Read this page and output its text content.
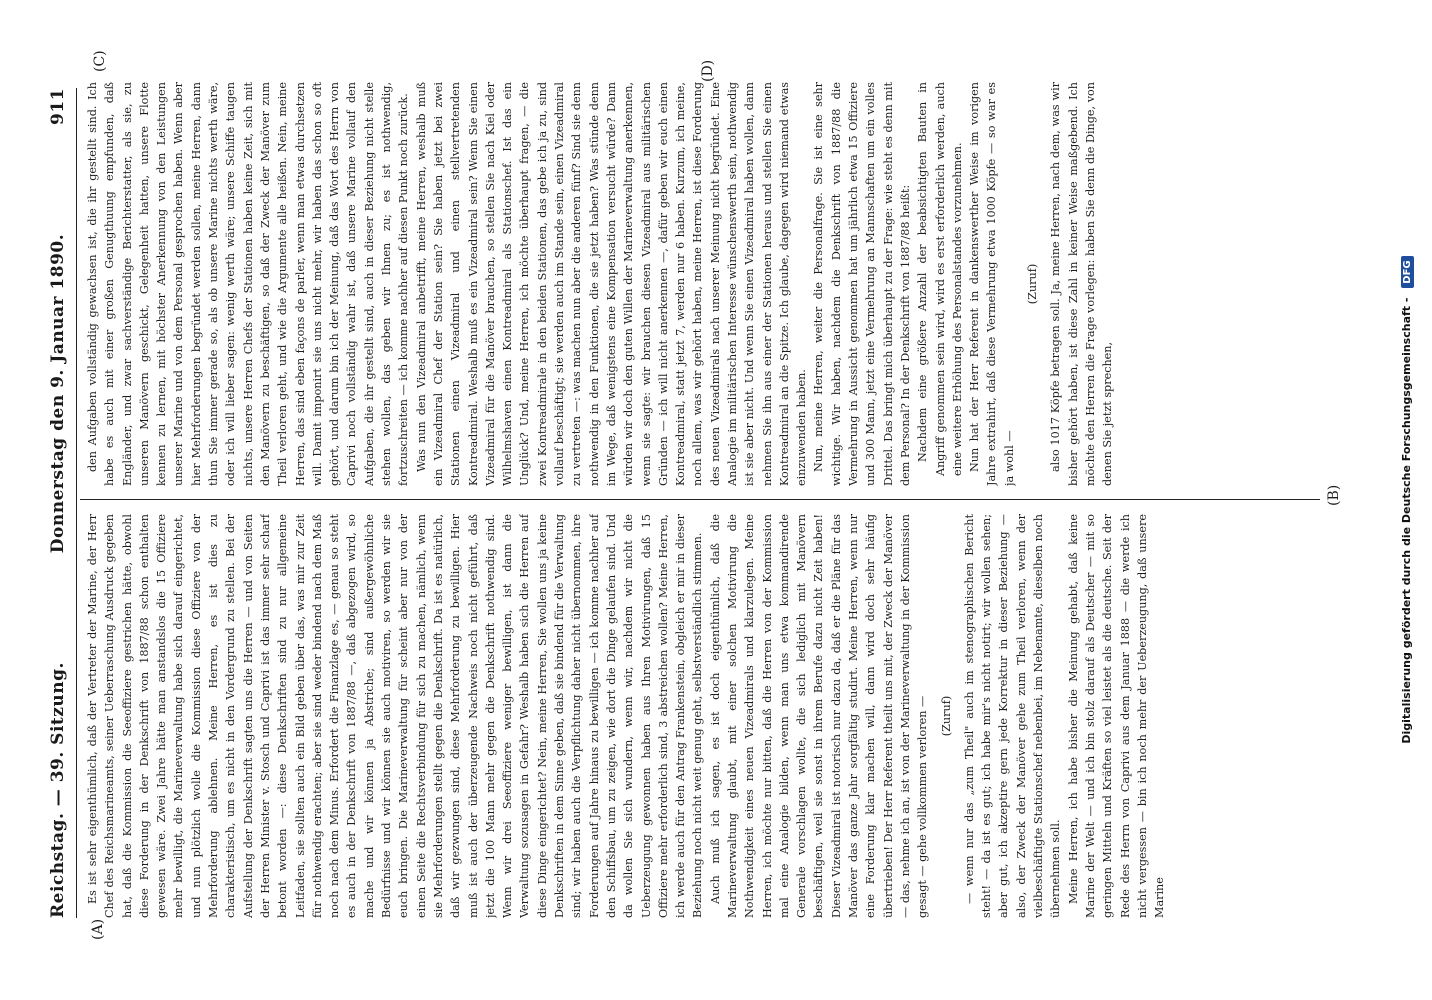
Reichstag. — 39. Sitzung.
Donnerstag den 9. Januar 1890.
911
(A)
(B)
(C)	(D)

Es ist sehr eigenthümlich, daß der Vertreter der Marine, der Herr Chef des Reichsmarineamts, seiner Ueberraschung Ausdruck gegeben hat, daß die Kommission die Seeoffiziere gestrichen hätte, obwohl diese Forderung in der Denkschrift von 1887/88 schon enthalten gewesen wäre. Zwei Jahre hätte man anstandslos die 15 Offiziere mehr bewilligt, die Marineverwaltung habe sich darauf eingerichtet, und nun plötzlich wolle die Kommission diese Offiziere von der Mehrforderung ablehnen. Meine Herren, es ist dies zu charakteristisch, um es nicht in den Vordergrund zu stellen. Bei der Aufstellung der Denkschrift sagten uns die Herren — und von Seiten der Herren Minister v. Stosch und Caprivi ist das immer sehr scharf betont worden —: diese Denkschriften sind zu nur allgemeine Leitfaden, sie sollten auch ein Bild geben über das, was mir zur Zeit für nothwendig erachten; aber sie sind weder bindend nach dem Maß noch nach dem Minus. Erfordert die Finanzlage es, — genau so steht es auch in der Denkschrift von 1887/88 —, daß abgezogen wird, so mache und wir können ja Abstriche; sind außergewöhnliche Bedürfnisse und wir können sie auch motiviren, so werden wir sie euch bringen. Die Marineverwaltung für scheint aber nur von der einen Seite die Rechtsverbindung für sich zu machen, nämlich, wenn sie Mehrforderungen stellt gegen die Denkschrift. Da ist es natürlich, daß wir gezwungen sind, diese Mehrforderung zu bewilligen. Hier muß ist auch der überzeugende Nachweis noch nicht geführt, daß jetzt die 100 Mann mehr gegen die Denkschrift nothwendig sind. Wenn wir drei Seeoffiziere weniger bewilligen, ist dann die Verwaltung sozusagen in Gefahr? Weshalb haben sich die Herren auf diese Dinge eingerichtet? Nein, meine Herren, Sie wollen uns ja keine Denkschriften in dem Sinne geben, daß sie bindend für die Verwaltung sind; wir haben auch die Verpflichtung daher nicht übernommen, ihre Forderungen auf Jahre hinaus zu bewilligen — ich komme nachher auf den Schiffsbau, um zu zeigen, wie dort die Dinge gelaufen sind. Und da wollen Sie sich wundern, wenn wir, nachdem wir nicht die Ueberzeugung gewonnen haben aus Ihren Motivirungen, daß 15 Offiziere mehr erforderlich sind, 3 abstreichen wollen? Meine Herren, ich werde auch für den Antrag Frankenstein, obgleich er mir in dieser Beziehung noch nicht weit genug geht, selbstverständlich stimmen. Auch muß ich sagen, es ist doch eigenthümlich, daß die Marineverwaltung glaubt, mit einer solchen Motivirung die Nothwendigkeit eines neuen Vizeadmirals und klarzulegen. Meine Herren, ich möchte nur bitten, daß die Herren von der Kommission mal eine Analogie bilden, wenn man uns etwa kommandirende Generale vorschlagen wollte, die sich lediglich mit Manövern beschäftigen, weil sie sonst in ihrem Berufe dazu nicht Zeit haben! Dieser Vizeadmiral ist notorisch nur dazu da, daß er die Pläne für das Manöver das ganze Jahr sorgfältig studirt. Meine Herren, wenn nur eine Forderung klar machen will, dann wird doch sehr häufig übertrieben! Der Herr Referent theilt uns mit, der Zweck der Manöver — das, nehme ich an, ist von der Marineverwaltung in der Kommission gesagt — gehe vollkommen verloren — (Zuruf) — wenn nur das „zum Theil" auch im stenographischen Bericht steht! — da ist es gut; ich habe mir's nicht notirt; wir wollen sehen; aber gut, ich akzeptire gern jede Korrektur in dieser Beziehung — also, der Zweck der Manöver gehe zum Theil verloren, wenn der vielbeschäftigte Stationschef nebenbei, im Nebenamte, dieselben noch übernehmen soll. Meine Herren, ich habe bisher die Meinung gehabt, daß keine Marine der Welt — und ich bin stolz darauf als Deutscher — mit so geringen Mitteln und Kräften so viel leistet als die deutsche. Seit der Rede des Herrn von Caprivi aus dem Januar 1888 — die werde ich nicht vergessen — bin ich noch mehr der Ueberzeugung, daß unsere Marine

den Aufgaben vollständig gewachsen ist, die ihr gestellt sind. Ich habe es auch mit einer großen Genugthuung empfunden, daß Engländer, und zwar sachverständige Berichterstatter, als sie, zu unseren Manövern geschickt, Gelegenheit hatten, unsere Flotte kennen zu lernen, mit höchster Anerkennung von den Leistungen unserer Marine und von dem Personal gesprochen haben. Wenn aber hier Mehrforderungen begründet werden sollen, meine Herren, dann thun Sie immer gerade so, als ob unsere Marine nichts werth wäre, oder ich will lieber sagen: wenig werth wäre; unsere Schiffe taugen nichts, unsere Herren Chefs der Stationen haben keine Zeit, sich mit den Manövern zu beschäftigen, so daß der Zweck der Manöver zum Theil verloren geht, und wie die Argumente alle heißen. Nein, meine Herren, das sind eben façons de parler, wenn man etwas durchsetzen will. Damit imponirt sie uns nicht mehr, wir haben das schon so oft gehört, und darum bin ich der Meinung, daß das Wort des Herrn von Caprivi noch vollständig wahr ist, daß unsere Marine vollauf den Aufgaben, die ihr gestellt sind, auch in dieser Beziehung nicht stelle stehen wollen, das geben wir Ihnen zu; es ist nothwendig, fortzuschreiten — ich komme nachher auf diesen Punkt noch zurück. Was nun den Vizeadmiral anbetrifft, meine Herren, weshalb muß ein Vizeadmiral Chef der Station sein? Sie haben jetzt bei zwei Stationen einen Vizeadmiral und einen stellvertretenden Kontreadmiral. Weshalb muß es ein Vizeadmiral sein? Wenn Sie einen Vizeadmiral für die Manöver brauchen, so stellen Sie nach Kiel oder Wilhelmshaven einen Kontreadmiral als Stationschef. Ist das ein Unglück? Und, meine Herren, ich möchte überhaupt fragen, — die zwei Kontreadmirale in den beiden Stationen, das gebe ich ja zu, sind vollauf beschäftigt; sie werden auch im Stande sein, einen Vizeadmiral zu vertreten —: was machen nun aber die anderen fünf? Sind sie denn nothwendig in den Funktionen, die sie jetzt haben? Was stünde denn im Wege, daß wenigstens eine Kompensation versucht würde? Dann würden wir doch den guten Willen der Marineverwaltung anerkennen, wenn sie sagte: wir brauchen diesen Vizeadmiral aus militärischen Gründen — ich will nicht anerkennen —, dafür geben wir euch einen Kontreadmiral, statt jetzt 7, werden nur 6 haben. Kurzum, ich meine, noch allem, was wir gehört haben, meine Herren, ist diese Forderung des neuen Vizeadmirals nach unserer Meinung nicht begründet. Eine Analogie im militärischen Interesse wünschenswerth sein, nothwendig ist sie aber nicht. Und wenn Sie einen Vizeadmiral haben wollen, dann nehmen Sie ihn aus einer der Stationen heraus und stellen Sie einen Kontreadmiral an die Spitze. Ich glaube, dagegen wird niemand etwas einzuwenden haben. Nun, meine Herren, weiter die Personalfrage. Sie ist eine sehr wichtige. Wir haben, nachdem die Denkschrift von 1887/88 die Vermehrung in Aussicht genommen hat um jährlich etwa 15 Offiziere und 300 Mann, jetzt eine Vermehrung an Mannschaften um ein volles Drittel. Das bringt mich überhaupt zu der Frage: wie steht es denn mit dem Personal? In der Denkschrift von 1887/88 heißt: Nachdem eine größere Anzahl der beabsichtigten Bauten in Angriff genommen sein wird, wird es erst erforderlich werden, auch eine weitere Erhöhung des Personalstandes vorzunehmen. Nun hat der Herr Referent in dankenswerther Weise im vorigen Jahre extrahirt, daß diese Vermehrung etwa 1000 Köpfe — so war es ja wohl —

(Zuruf) also 1017 Köpfe betragen soll. Ja, meine Herren, nach dem, was wir bisher gehört haben, ist diese Zahl in keiner Weise maßgebend. Ich möchte den Herren die Frage vorlegen: haben Sie denn die Dinge, von denen Sie jetzt sprechen,	Digitalisierung gefördert durch die Deutsche Forschungsgemeinschaft - DFG
